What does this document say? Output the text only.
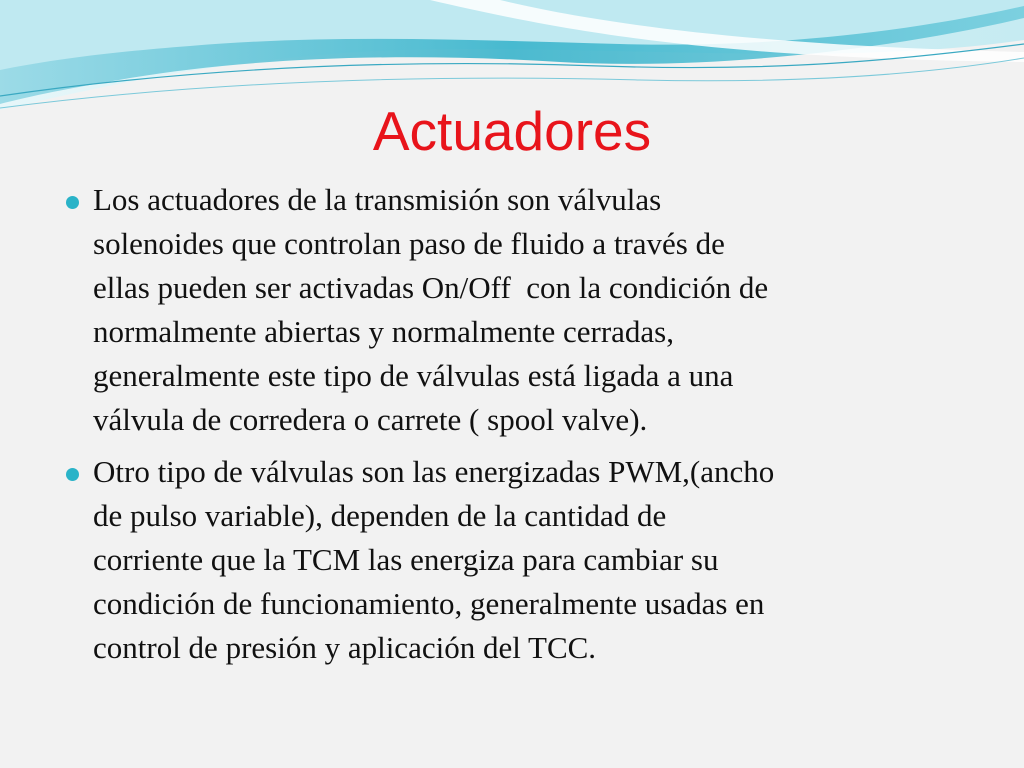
Actuadores
Los actuadores de la transmisión son válvulas
solenoides que controlan paso de fluido a través de
ellas pueden ser activadas On/Off  con la condición de
normalmente abiertas y normalmente cerradas,
generalmente este tipo de válvulas está ligada a una
válvula de corredera o carrete ( spool valve).
Otro tipo de válvulas son las energizadas PWM,(ancho
de pulso variable), dependen de la cantidad de
corriente que la TCM las energiza para cambiar su
condición de funcionamiento, generalmente usadas en
control de presión y aplicación del TCC.
